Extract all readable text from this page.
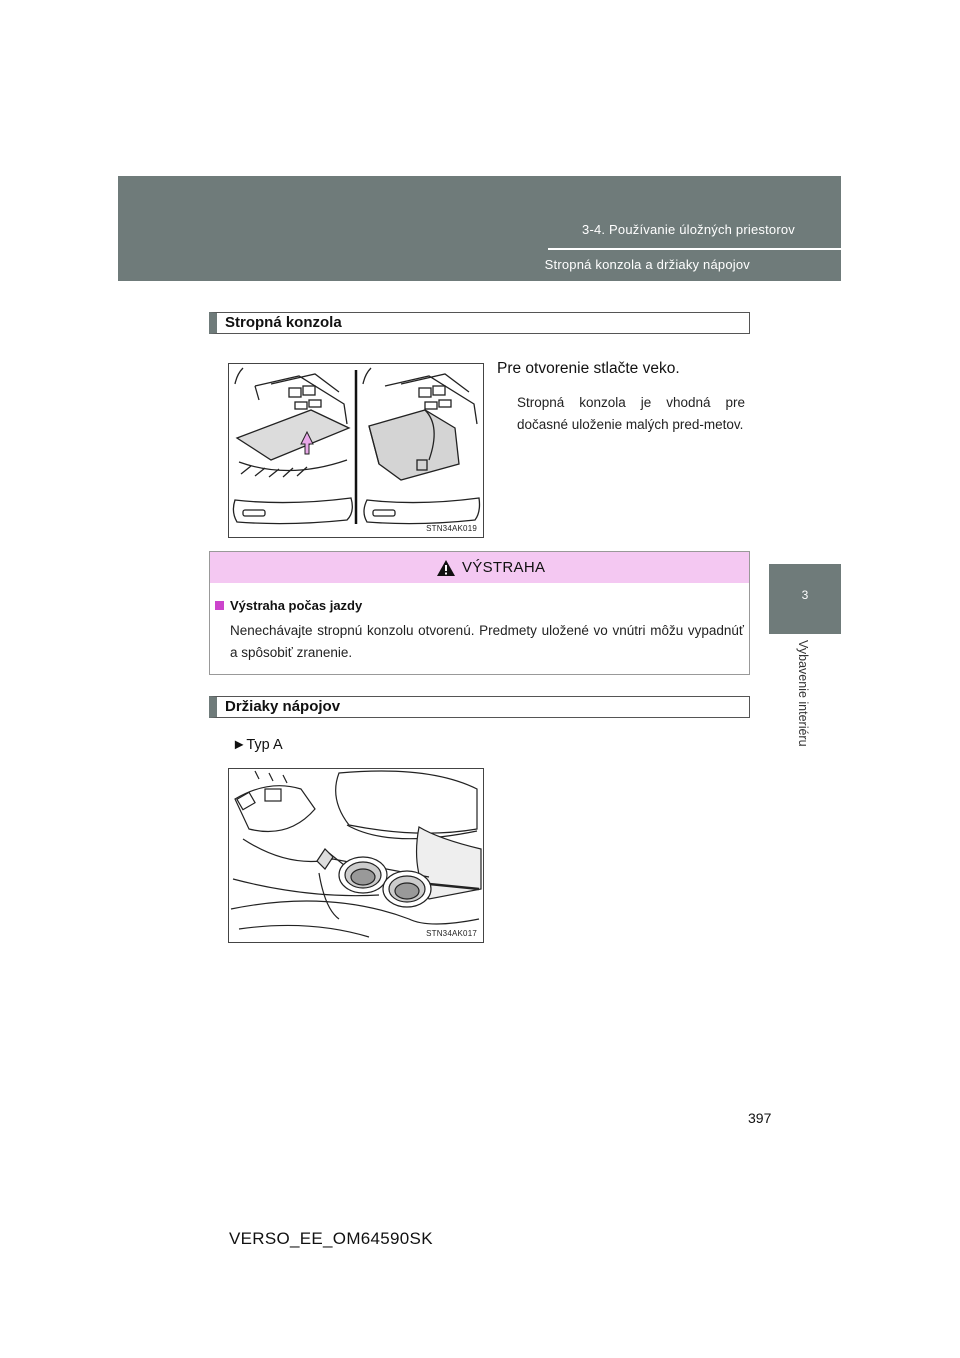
3-4. Používanie úložných priestorov
Stropná konzola a držiaky nápojov
3
Vybavenie interiéru
Stropná konzola
STN34AK019
Pre otvorenie stlačte veko.
Stropná konzola je vhodná pre dočasné uloženie malých pred-metov.
VÝSTRAHA
Výstraha počas jazdy
Nenechávajte stropnú konzolu otvorenú. Predmety uložené vo vnútri môžu vypadnúť a spôsobiť zranenie.
Držiaky nápojov
►Typ A
STN34AK017
397
VERSO_EE_OM64590SK
